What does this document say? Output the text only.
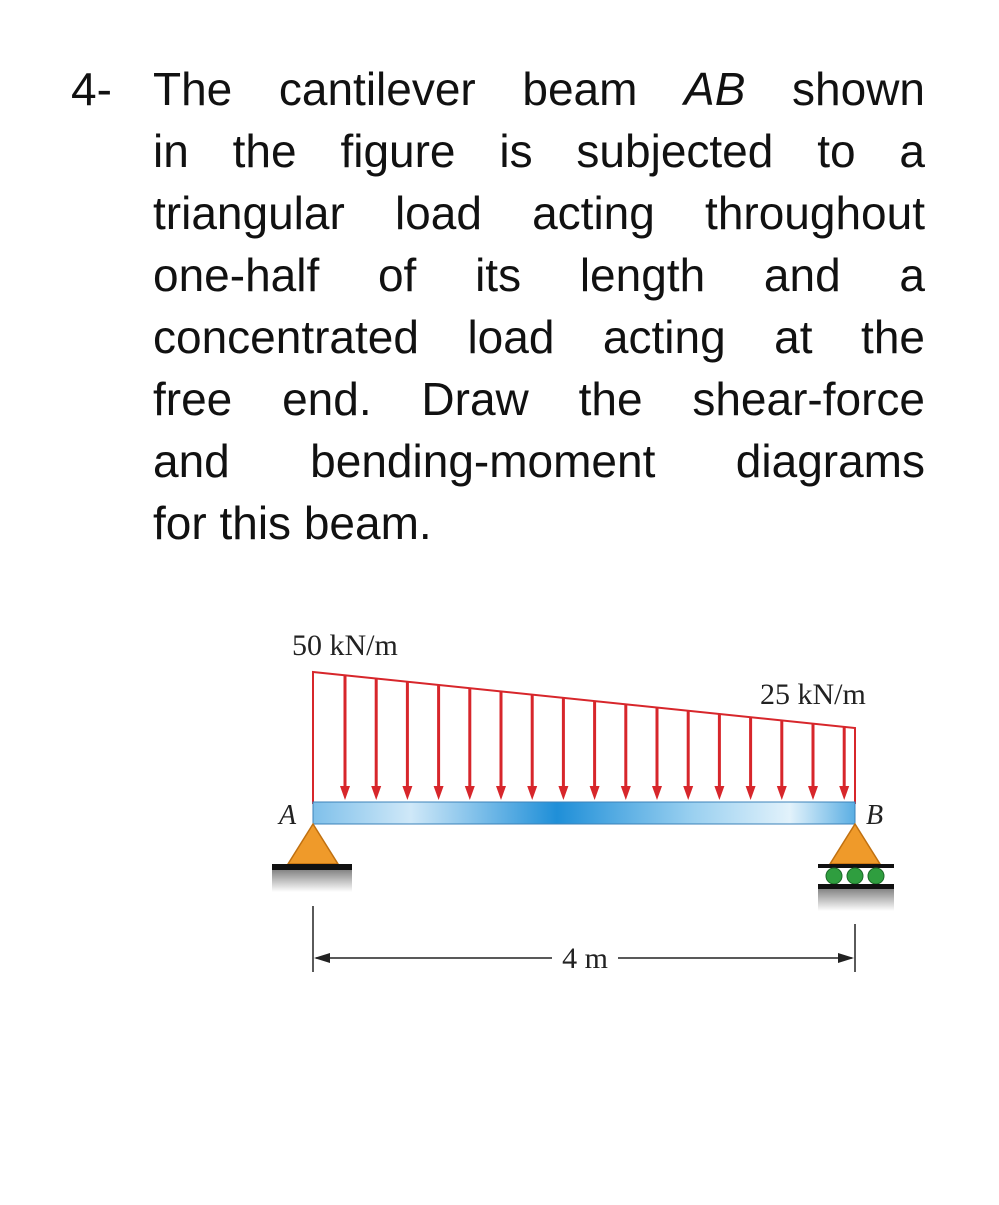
4- The cantilever beam AB shown
in the figure is subjected to a
triangular load acting throughout
one-half of its length and a
concentrated load acting at the
free end. Draw the shear-force
and bending-moment diagrams
for this beam.
50 kN/m
25 kN/m
A	B
4 m
